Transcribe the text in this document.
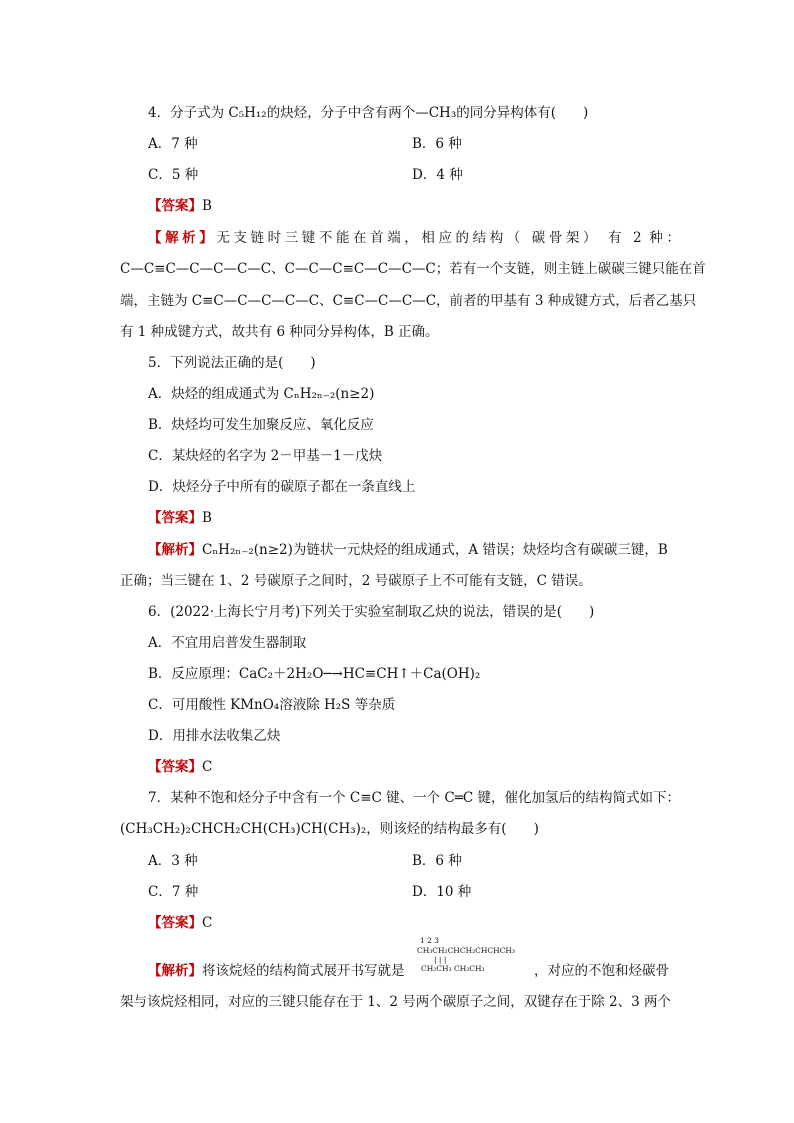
4．分子式为 C₅H₁₂的炔烃，分子中含有两个—CH₃的同分异构体有(　　)
A．7 种	B．6 种
C．5 种	D．4 种
【答案】B
【解析】无支链时三键不能在首端，相应的结构（ 碳骨架） 有 2 种：
C—C≡C—C—C—C—C、C—C—C≡C—C—C—C；若有一个支链，则主链上碳碳三键只能在首
端，主链为 C≡C—C—C—C—C、C≡C—C—C—C，前者的甲基有 3 种成键方式，后者乙基只
有 1 种成键方式，故共有 6 种同分异构体，B 正确。
5．下列说法正确的是(　　)
A．炔烃的组成通式为 CₙH₂ₙ₋₂(n≥2)
B．炔烃均可发生加聚反应、氧化反应
C．某炔烃的名字为 2－甲基－1－戊炔
D．炔烃分子中所有的碳原子都在一条直线上
【答案】B
【解析】CₙH₂ₙ₋₂(n≥2)为链状一元炔烃的组成通式，A 错误；炔烃均含有碳碳三键，B
正确；当三键在 1、2 号碳原子之间时，2 号碳原子上不可能有支链，C 错误。
6．(2022·上海长宁月考)下列关于实验室制取乙炔的说法，错误的是(　　)
A．不宜用启普发生器制取
B．反应原理：CaC₂＋2H₂O─→HC≡CH↑＋Ca(OH)₂
C．可用酸性 KMnO₄溶液除 H₂S 等杂质
D．用排水法收集乙炔
【答案】C
7．某种不饱和烃分子中含有一个 C≡C 键、一个 C═C 键，催化加氢后的结构简式如下：
(CH₃CH₂)₂CHCH₂CH(CH₃)CH(CH₃)₂，则该烃的结构最多有(　　)
A．3 种	B．6 种
C．7 种	D．10 种
【答案】C
【解析】将该烷烃的结构简式展开书写就是
1 2 3
CH₃CH₂CHCH₂CHCHCH₃
| | |
CH₂CH₃ CH₃CH₃	，对应的不饱和烃碳骨
架与该烷烃相同，对应的三键只能存在于 1、2 号两个碳原子之间，双键存在于除 2、3 两个
